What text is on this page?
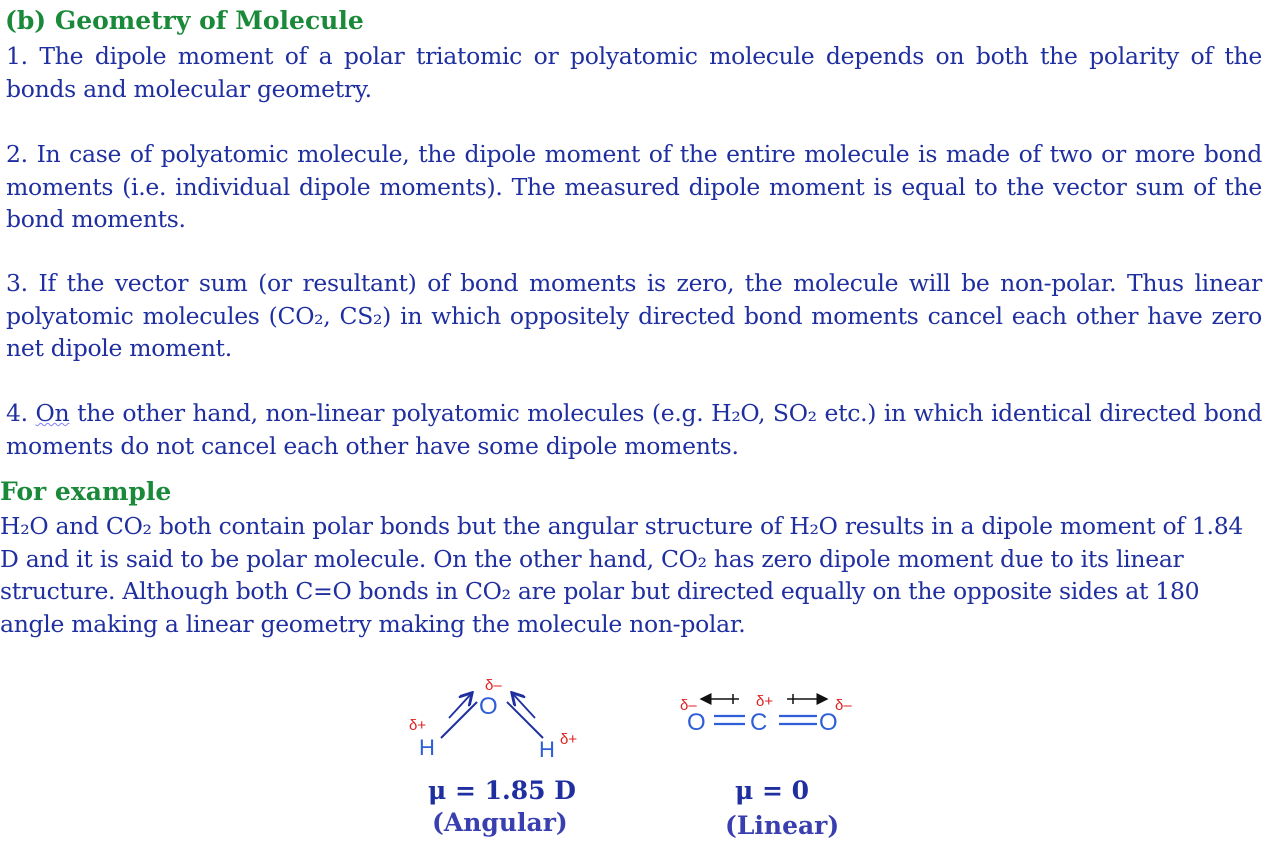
(b) Geometry of Molecule
1. The dipole moment of a polar triatomic or polyatomic molecule depends on both the polarity of the bonds and molecular geometry.
2. In case of polyatomic molecule, the dipole moment of the entire molecule is made of two or more bond moments (i.e. individual dipole moments). The measured dipole moment is equal to the vector sum of the bond moments.
3. If the vector sum (or resultant) of bond moments is zero, the molecule will be non-polar. Thus linear polyatomic molecules (CO₂, CS₂) in which oppositely directed bond moments cancel each other have zero net dipole moment.
4. On the other hand, non-linear polyatomic molecules (e.g. H₂O, SO₂ etc.) in which identical directed bond moments do not cancel each other have some dipole moments.
For example
H₂O and CO₂ both contain polar bonds but the angular structure of H₂O results in a dipole moment of 1.84 D and it is said to be polar molecule. On the other hand, CO₂ has zero dipole moment due to its linear structure. Although both C=O bonds in CO₂ are polar but directed equally on the opposite sides at 180 angle making a linear geometry making the molecule non-polar.
O
H	H
δ–
δ+
δ+
δ–	δ+	δ–
O C O
μ = 1.85 D
(Angular)
μ = 0
(Linear)
